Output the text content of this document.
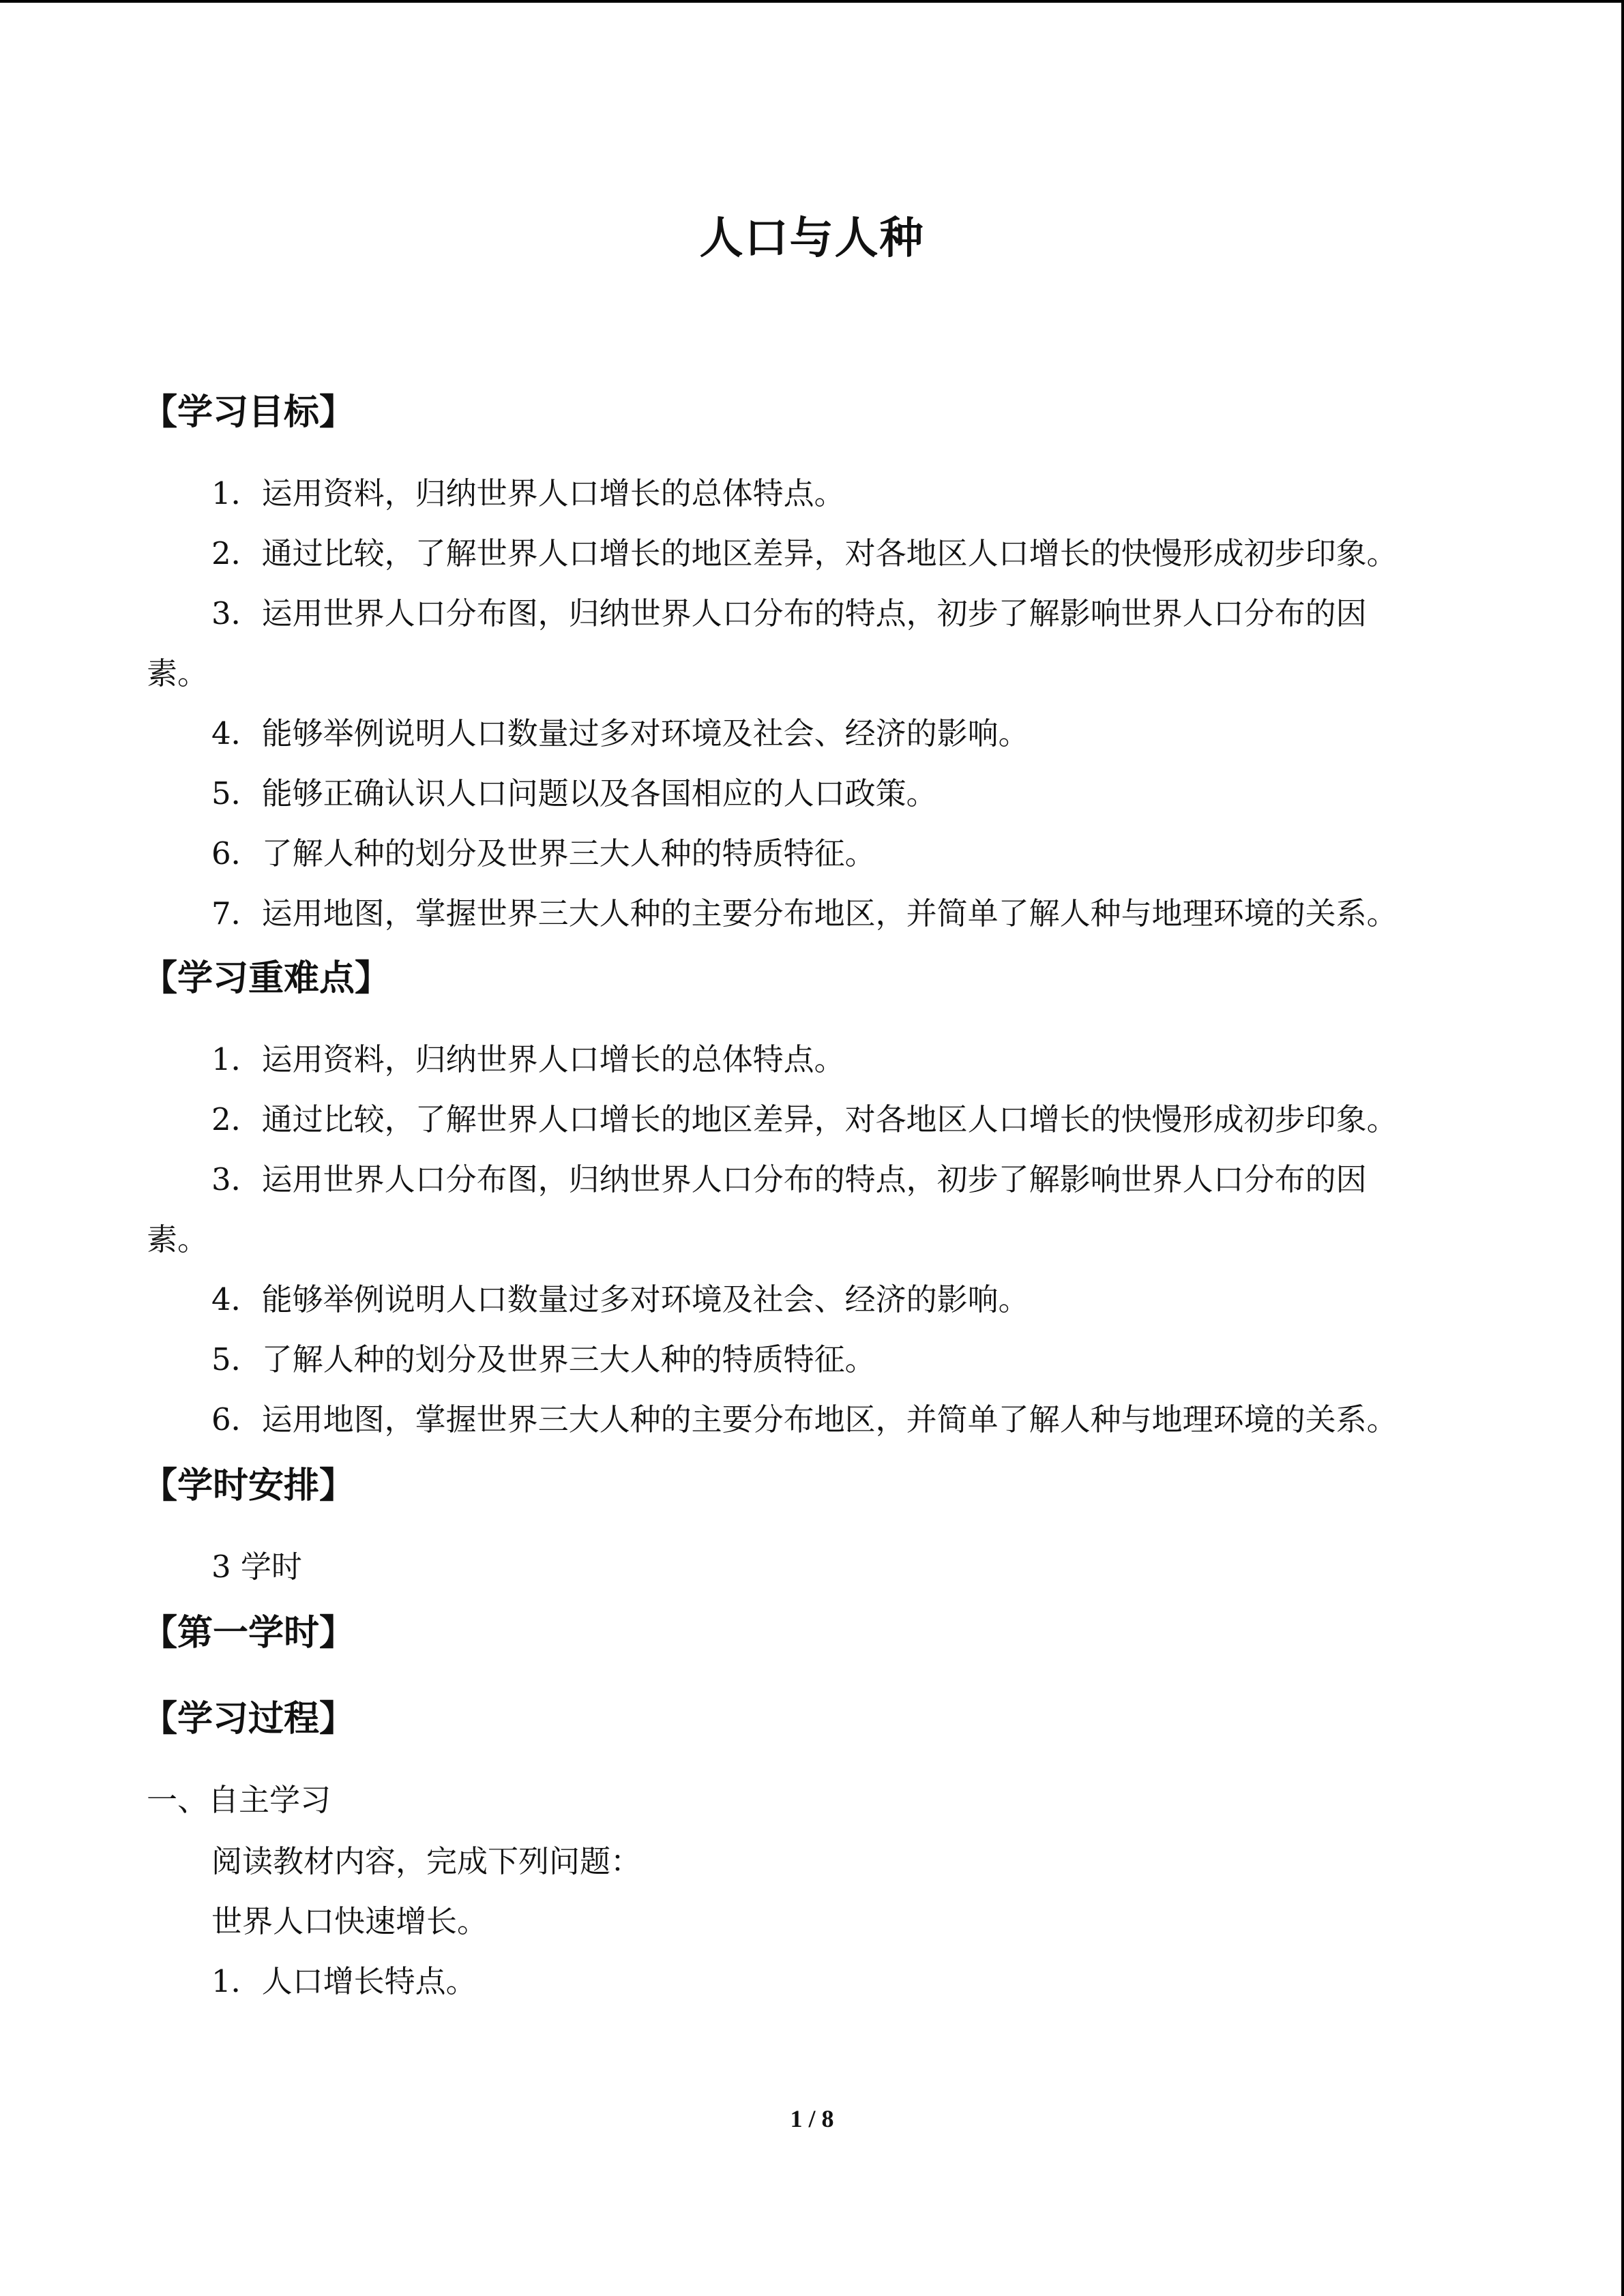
人口与人种
【学习目标】
1．运用资料，归纳世界人口增长的总体特点。
2．通过比较，了解世界人口增长的地区差异，对各地区人口增长的快慢形成初步印象。
3．运用世界人口分布图，归纳世界人口分布的特点，初步了解影响世界人口分布的因
素。
4．能够举例说明人口数量过多对环境及社会、经济的影响。
5．能够正确认识人口问题以及各国相应的人口政策。
6．了解人种的划分及世界三大人种的特质特征。
7．运用地图，掌握世界三大人种的主要分布地区，并简单了解人种与地理环境的关系。
【学习重难点】
1．运用资料，归纳世界人口增长的总体特点。
2．通过比较，了解世界人口增长的地区差异，对各地区人口增长的快慢形成初步印象。
3．运用世界人口分布图，归纳世界人口分布的特点，初步了解影响世界人口分布的因
素。
4．能够举例说明人口数量过多对环境及社会、经济的影响。
5．了解人种的划分及世界三大人种的特质特征。
6．运用地图，掌握世界三大人种的主要分布地区，并简单了解人种与地理环境的关系。
【学时安排】
3 学时
【第一学时】
【学习过程】
一、自主学习
阅读教材内容，完成下列问题：
世界人口快速增长。
1．人口增长特点。
1 / 8
